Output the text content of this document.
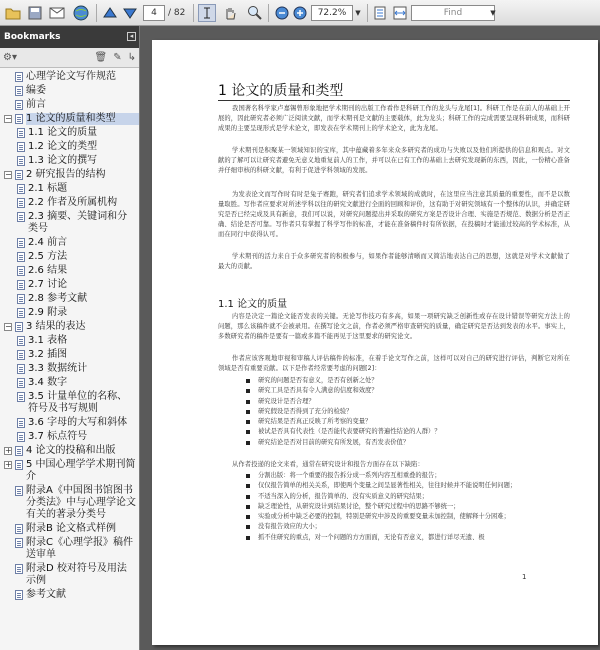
4	/ 82	72.2%	▼	Find	▼
Bookmarks	◂
⚙▾	🗑 ✎ ↳
心理学论文写作规范
编委
前言
− 1 论文的质量和类型
1.1 论文的质量
1.2 论文的类型
1.3 论文的撰写
− 2 研究报告的结构
2.1 标题
2.2 作者及所属机构
2.3 摘要、关键词和分类号
2.4 前言
2.5 方法
2.6 结果
2.7 讨论
2.8 参考文献
2.9 附录
− 3 结果的表达
3.1 表格
3.2 插图
3.3 数据统计
3.4 数字
3.5 计量单位的名称、符号及书写规则
3.6 字母的大写和斜体
3.7 标点符号
+ 4 论文的投稿和出版
+ 5 中国心理学学术期刊简介
附录A《中国图书馆图书分类法》中与心理学论文有关的著录分类号
附录B 论文格式样例
附录C《心理学报》稿件送审单
附录D 校对符号及用法示例
参考文献
1 论文的质量和类型
我国著名科学家卢嘉锡曾形象地把学术期刊的出版工作看作是科研工作的龙头与龙尾[1]。科研工作是在前人的基础上开展的，因此研究者必须广泛阅读文献，而学术期刊是文献的主要载体，此为龙头；科研工作的完成需要呈现科研成果，而科研成果的主要呈现形式是学术论文，即发表在学术期刊上的学术论文，此为龙尾。
学术期刊是积聚某一领域知识的宝库，其中蕴藏着多年来众多研究者的成功与失败以及他们所提供的信息和观点。对文献的了解可以让研究者避免无意义地重复前人的工作，并可以在已有工作的基础上去研究发现新的东西，因此，一份精心准备并仔细审核的科研文献，有利于促进学科领域的发展。
为发表论文而写作时有时是兔子赛跑，研究者们追求学术领域的成就时，在这里应当注意其质量的重要性，而不是以数量取胜。写作者应要求对所述学科以往的研究文献进行全面的回顾和评价，这有助于对研究领域有一个整体的认识，并确定研究是否已经完成及具有新意，我们可以说，对研究问题提出并采取的研究方案是否设计合理、实施是否规范、数据分析是否正确、结论是否可靠。写作者只有掌握了科学写作的标准，才能在准备稿件时有所依据，在投稿时才能通过较高的学术标准，从而在同行中获得认可。
学术期刊的活力来自于众多研究者的积极参与，如果作者能够清晰而又简洁地表达自己的思想，这就是对学术文献做了最大的贡献。
1.1 论文的质量
内容是决定一篇论文能否发表的关键。无论写作技巧有多高，如果一项研究缺乏创新性或存在设计错误等研究方法上的问题，那么该稿件就不会被录用。在撰写论文之前，作者必须严格审查研究的质量，确定研究是否达到发表的水平。事实上，多数研究者的稿件是要有一篇或多篇不能再见于这里要求的研究论文。
作者应该客观地审视和审稿人评估稿件的标准，在着手论文写作之前，这样可以对自己的研究进行评估，判断它对所在领域是否有重要贡献。以下是作者经常要考虑的问题[2]：
研究的问题是否有意义，是否有创新之处？
研究工具是否具有令人满意的信度和效度？
研究设计是否合理？
研究假设是否得到了充分的检验？
研究结果是否真正反映了所考察的变量？
被试是否具有代表性（是否能代表要研究的普遍性结论的人群）？
研究结论是否对目前的研究有所发展，有否发表价值？
从作者投递的论文来看，通常在研究设计和报告方面存在以下缺陷：
分割出版：将一个重要的报告拆分成一系列内容互相重叠的报告；
仅仅报告简单的相关关系，即使两个变量之间呈显著性相关，往往时候并不能说明任何问题；
不适当深入的分析，报告简单的、没有实质意义的研究结果；
缺乏理论性，从研究设计到结果讨论，整个研究过程中的思路不够统一；
实验或分析中缺乏必要的控制，特别是研究中涉及的重要变量未加控制，使解释十分困难；
没有报告效应的大小；
抓不住研究的重点，对一个问题的方方面面，无论有否意义，都进行详尽无遗、极
1
